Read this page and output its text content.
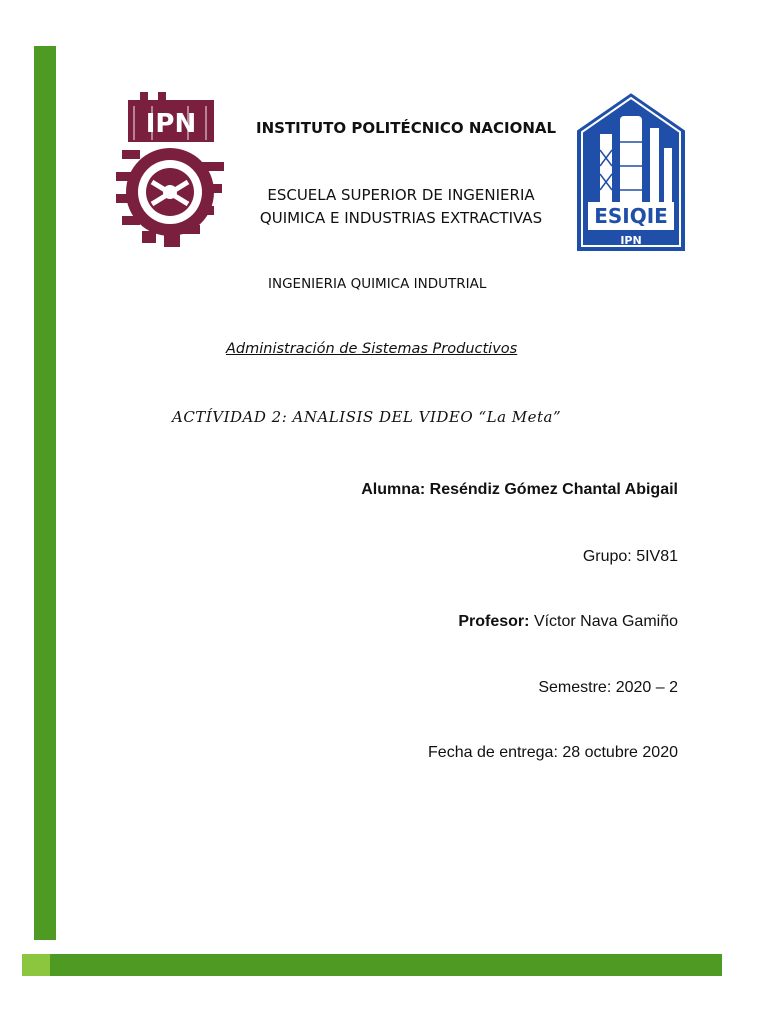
IPN
ESIQIE
IPN
INSTITUTO POLITÉCNICO NACIONAL
ESCUELA SUPERIOR DE INGENIERIA
QUIMICA E INDUSTRIAS EXTRACTIVAS
INGENIERIA QUIMICA INDUTRIAL
Administración de Sistemas Productivos
ACTÍVIDAD 2: ANALISIS DEL VIDEO “La Meta”
Alumna: Reséndiz Gómez Chantal Abigail
Grupo: 5IV81
Profesor: Víctor Nava Gamiño
Semestre: 2020 – 2
Fecha de entrega: 28 octubre 2020
